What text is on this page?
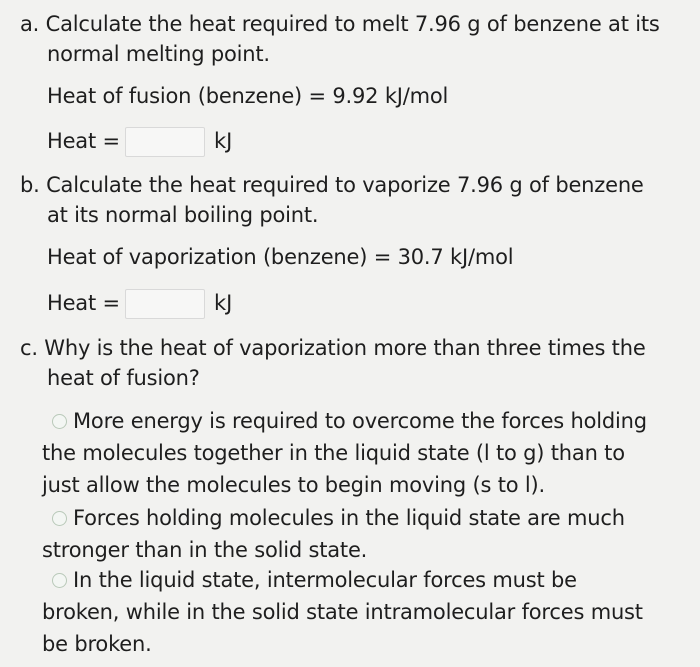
a. Calculate the heat required to melt 7.96 g of benzene at its
normal melting point.
Heat of fusion (benzene) = 9.92 kJ/mol
Heat =	kJ
b. Calculate the heat required to vaporize 7.96 g of benzene
at its normal boiling point.
Heat of vaporization (benzene) = 30.7 kJ/mol
Heat =	kJ
c. Why is the heat of vaporization more than three times the
heat of fusion?
More energy is required to overcome the forces holding
the molecules together in the liquid state (l to g) than to
just allow the molecules to begin moving (s to l).
Forces holding molecules in the liquid state are much
stronger than in the solid state.
In the liquid state, intermolecular forces must be
broken, while in the solid state intramolecular forces must
be broken.
